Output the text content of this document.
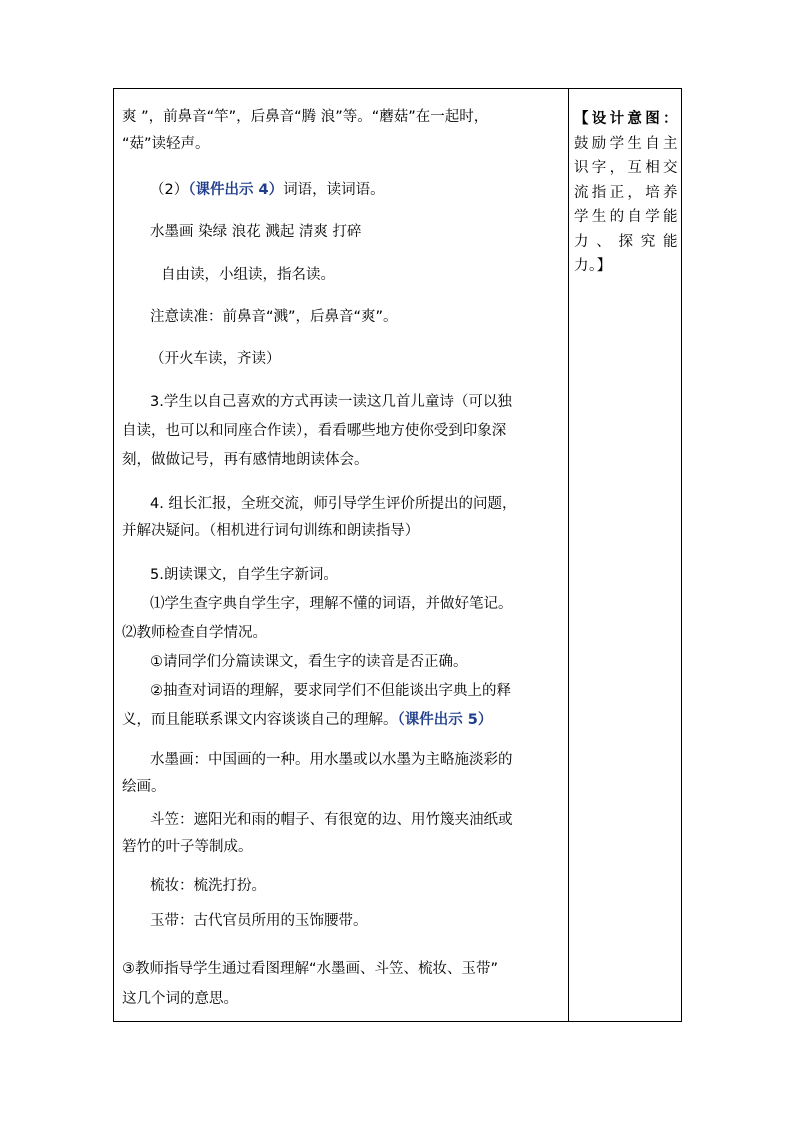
爽 ”，前鼻音“竿”，后鼻音“腾 浪”等。“蘑菇”在一起时，
“菇”读轻声。
（2）（课件出示 4）词语，读词语。
水墨画 染绿 浪花 溅起 清爽 打碎
自由读，小组读，指名读。
注意读准：前鼻音“溅”，后鼻音“爽”。
（开火车读，齐读）
3.学生以自己喜欢的方式再读一读这几首儿童诗（可以独
自读，也可以和同座合作读），看看哪些地方使你受到印象深
刻，做做记号，再有感情地朗读体会。
4. 组长汇报，全班交流，师引导学生评价所提出的问题，
并解决疑问。（相机进行词句训练和朗读指导）
5.朗读课文，自学生字新词。
⑴学生查字典自学生字，理解不懂的词语，并做好笔记。
⑵教师检查自学情况。
①请同学们分篇读课文，看生字的读音是否正确。
②抽查对词语的理解，要求同学们不但能谈出字典上的释
义，而且能联系课文内容谈谈自己的理解。（课件出示 5）
水墨画：中国画的一种。用水墨或以水墨为主略施淡彩的
绘画。
斗笠：遮阳光和雨的帽子、有很宽的边、用竹篾夹油纸或
箬竹的叶子等制成。
梳妆：梳洗打扮。
玉带：古代官员所用的玉饰腰带。
③教师指导学生通过看图理解“水墨画、斗笠、梳妆、玉带”
这几个词的意思。
【设计意图：鼓励学生自主识字，互相交流指正，培养学生的自学能力、探究能力。】
